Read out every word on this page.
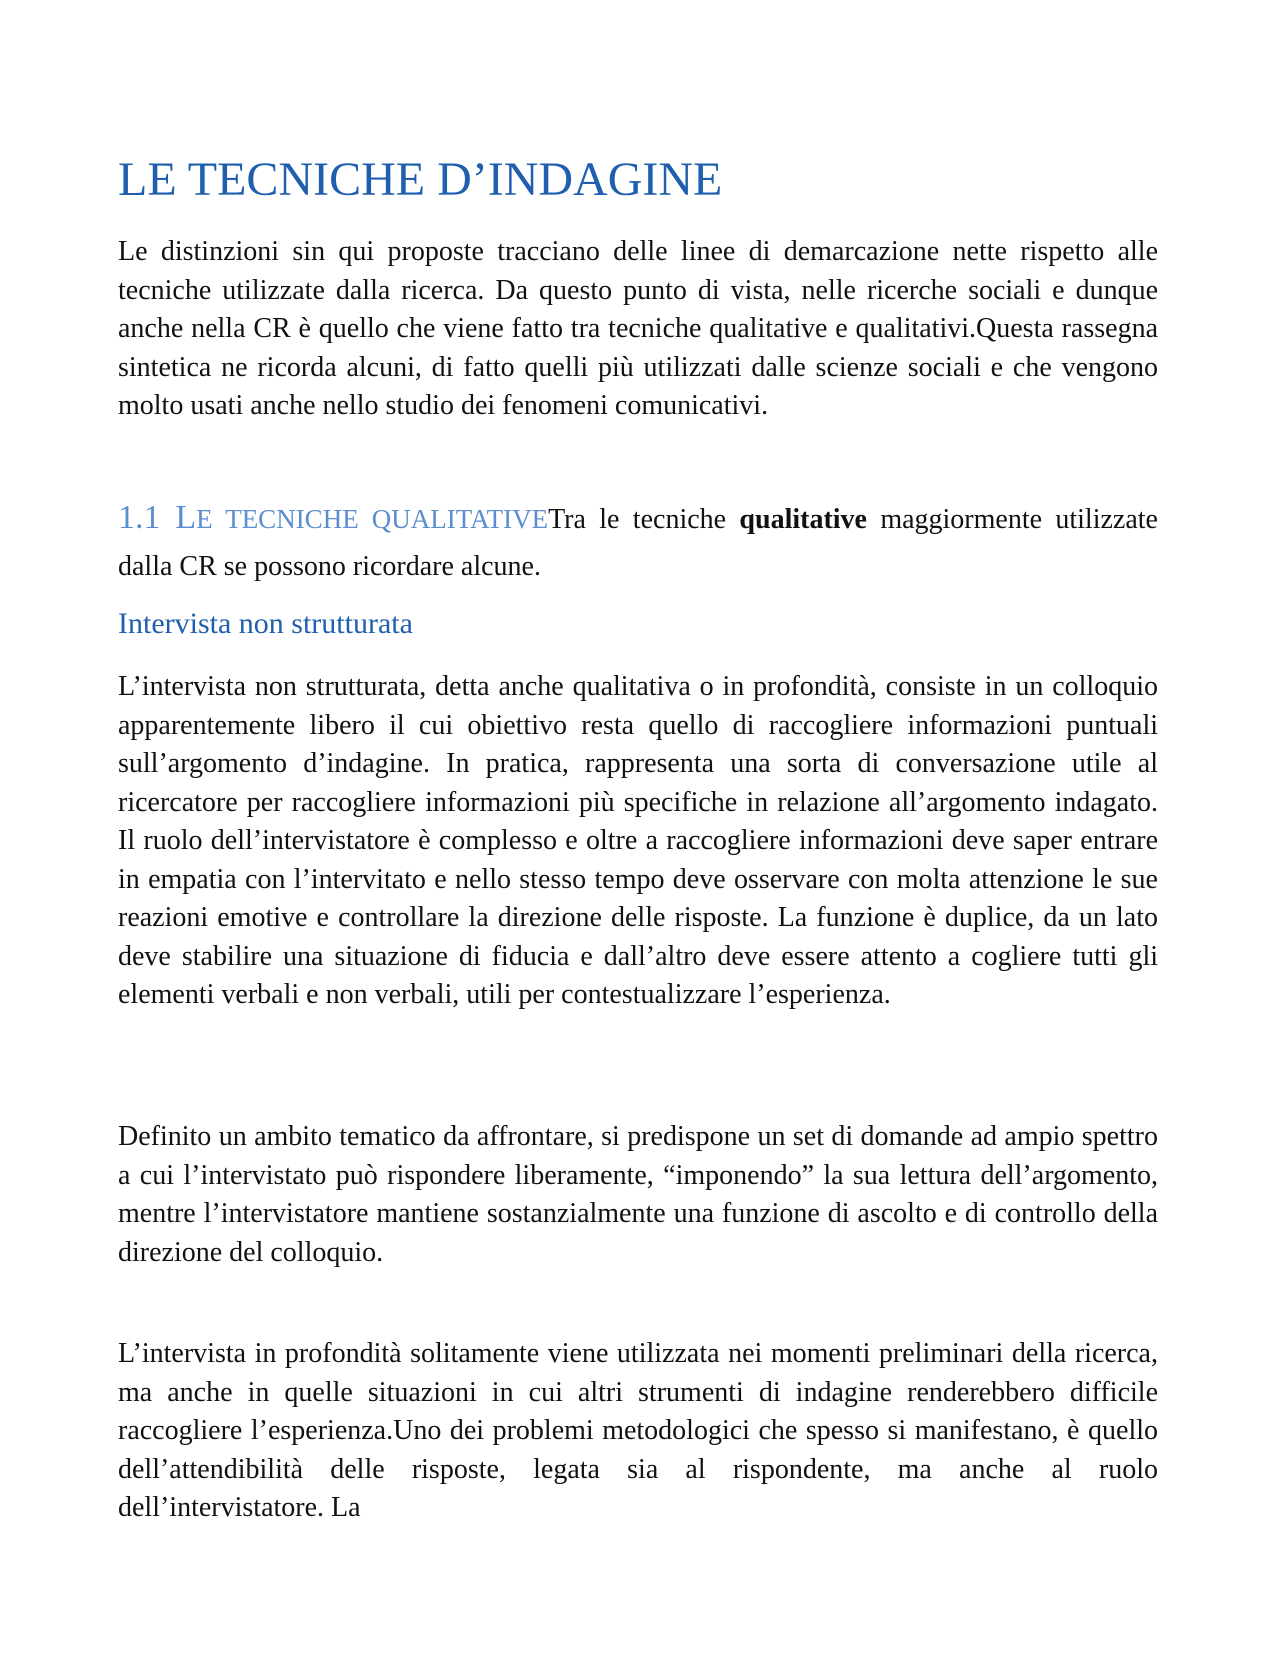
LE TECNICHE D’INDAGINE

Le distinzioni sin qui proposte tracciano delle linee di demarcazione nette rispetto alle tecniche utilizzate dalla ricerca. Da questo punto di vista, nelle ricerche sociali e dunque anche nella CR è quello che viene fatto tra tecniche qualitative e qualitativi.Questa rassegna sintetica ne ricorda alcuni, di fatto quelli più utilizzati dalle scienze sociali e che vengono molto usati anche nello studio dei fenomeni comunicativi.

1.1 LE TECNICHE QUALITATIVETra le tecniche qualitative maggiormente utilizzate dalla CR se possono ricordare alcune.

Intervista non strutturata

L’intervista non strutturata, detta anche qualitativa o in profondità, consiste in un colloquio apparentemente libero il cui obiettivo resta quello di raccogliere informazioni puntuali sull’argomento d’indagine. In pratica, rappresenta una sorta di conversazione utile al ricercatore per raccogliere informazioni più specifiche in relazione all’argomento indagato. Il ruolo dell’intervistatore è complesso e oltre a raccogliere informazioni deve saper entrare in empatia con l’intervitato e nello stesso tempo deve osservare con molta attenzione le sue reazioni emotive e controllare la direzione delle risposte. La funzione è duplice, da un lato deve stabilire una situazione di fiducia e dall’altro deve essere attento a cogliere tutti gli elementi verbali e non verbali, utili per contestualizzare l’esperienza.

Definito un ambito tematico da affrontare, si predispone un set di domande ad ampio spettro a cui l’intervistato può rispondere liberamente, “imponendo” la sua lettura dell’argomento, mentre l’intervistatore mantiene sostanzialmente una funzione di ascolto e di controllo della direzione del colloquio.

L’intervista in profondità solitamente viene utilizzata nei momenti preliminari della ricerca, ma anche in quelle situazioni in cui altri strumenti di indagine renderebbero difficile raccogliere l’esperienza.Uno dei problemi metodologici che spesso si manifestano, è quello dell’attendibilità delle risposte, legata sia al rispondente, ma anche al ruolo dell’intervistatore. La
